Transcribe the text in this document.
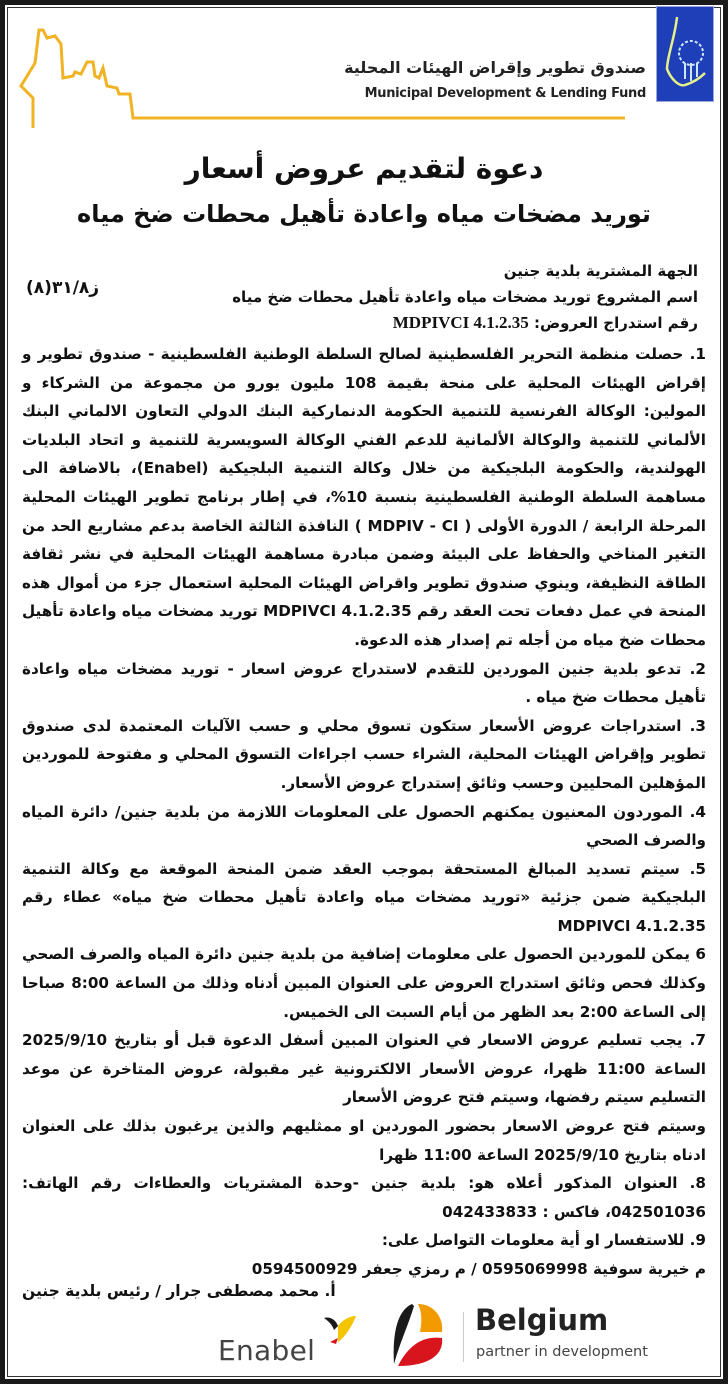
صندوق تطوير وإقراض الهيئات المحلية
Municipal Development & Lending Fund
دعوة لتقديم عروض أسعار
توريد مضخات مياه واعادة تأهيل محطات ضخ مياه
الجهة المشترية بلدية جنين
اسم المشروع توريد مضخات مياه واعادة تأهيل محطات ضخ مياه
رقم استدراج العروض: MDPIVCI 4.1.2.35
ز٣١/٨(٨)

1. حصلت منظمة التحرير الفلسطينية لصالح السلطة الوطنية الفلسطينية - صندوق تطوير و إقراض الهيئات المحلية على منحة بقيمة 108 مليون يورو من مجموعة من الشركاء و المولين: الوكالة الفرنسية للتنمية الحكومة الدنماركية البنك الدولي التعاون الالماني البنك الألماني للتنمية والوكالة الألمانية للدعم الفني الوكالة السويسرية للتنمية و اتحاد البلديات الهولندية، والحكومة البلجيكية من خلال وكالة التنمية البلجيكية (Enabel)، بالاضافة الى مساهمة السلطة الوطنية الفلسطينية بنسبة 10%، في إطار برنامج تطوير الهيئات المحلية المرحلة الرابعة / الدورة الأولى ( MDPIV - CI ) النافذة الثالثة الخاصة بدعم مشاريع الحد من التغير المناخي والحفاظ على البيئة وضمن مبادرة مساهمة الهيئات المحلية في نشر ثقافة الطاقة النظيفة، وينوي صندوق تطوير واقراض الهيئات المحلية استعمال جزء من أموال هذه المنحة في عمل دفعات تحت العقد رقم MDPIVCI 4.1.2.35 توريد مضخات مياه واعادة تأهيل محطات ضخ مياه من أجله تم إصدار هذه الدعوة.

2. تدعو بلدية جنين الموردين للتقدم لاستدراج عروض اسعار - توريد مضخات مياه واعادة تأهيل محطات ضخ مياه .

3. استدراجات عروض الأسعار ستكون تسوق محلي و حسب الآليات المعتمدة لدى صندوق تطوير وإقراض الهيئات المحلية، الشراء حسب اجراءات التسوق المحلي و مفتوحة للموردين المؤهلين المحليين وحسب وثائق إستدراج عروض الأسعار.

4. الموردون المعنيون يمكنهم الحصول على المعلومات اللازمة من بلدية جنين/ دائرة المياه والصرف الصحي

5. سيتم تسديد المبالغ المستحقة بموجب العقد ضمن المنحة الموقعة مع وكالة التنمية البلجيكية ضمن جزئية «توريد مضخات مياه واعادة تأهيل محطات ضخ مياه» عطاء رقم MDPIVCI 4.1.2.35

6 يمكن للموردين الحصول على معلومات إضافية من بلدية جنين دائرة المياه والصرف الصحي وكذلك فحص وثائق استدراج العروض على العنوان المبين أدناه وذلك من الساعة 8:00 صباحا إلى الساعة 2:00 بعد الظهر من أيام السبت الى الخميس.

7. يجب تسليم عروض الاسعار في العنوان المبين أسفل الدعوة قبل أو بتاريخ 2025/9/10 الساعة 11:00 ظهرا، عروض الأسعار الالكترونية غير مقبولة، عروض المتاخرة عن موعد التسليم سيتم رفضها، وسيتم فتح عروض الأسعار

وسيتم فتح عروض الاسعار بحضور الموردين او ممثليهم والذين يرغبون بذلك على العنوان ادناه بتاريخ 2025/9/10 الساعة 11:00 ظهرا

8. العنوان المذكور أعلاه هو: بلدية جنين -وحدة المشتريات والعطاءات رقم الهاتف: 042501036، فاكس : 042433833

9. للاستفسار او أية معلومات التواصل على:

م خيرية سوفية 0595069998 / م رمزي جعفر 0594500929

أ. محمد مصطفى جرار / رئيس بلدية جنين
Enabel
Belgium
partner in development
